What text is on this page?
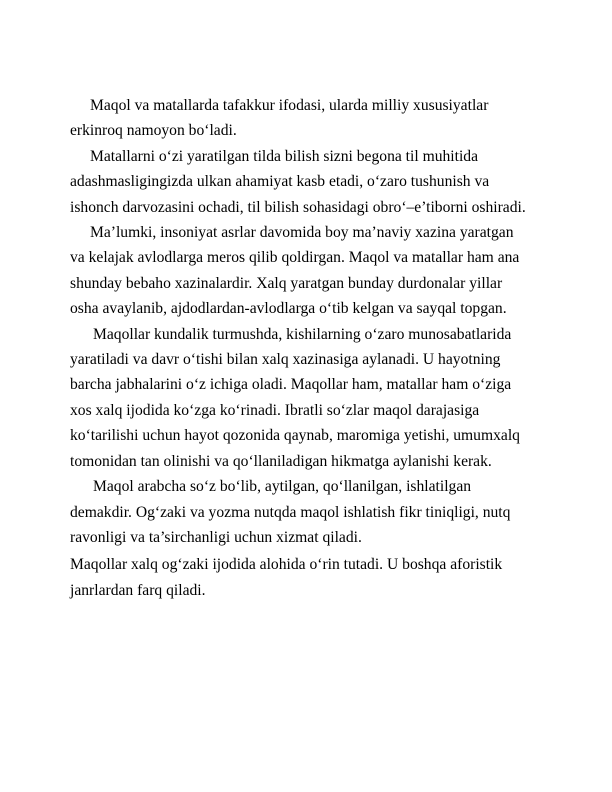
Maqol va matallarda tafakkur ifodasi, ularda milliy xususiyatlar
erkinroq namoyon bo‘ladi.

Matallarni o‘zi yaratilgan tilda bilish sizni begona til muhitida
adashmasligingizda ulkan ahamiyat kasb etadi, o‘zaro tushunish va
ishonch darvozasini ochadi, til bilish sohasidagi obro‘–e’tiborni oshiradi.

Ma’lumki, insoniyat asrlar davomida boy ma’naviy xazina yaratgan
va kelajak avlodlarga meros qilib qoldirgan. Maqol va matallar ham ana
shunday bebaho xazinalardir. Xalq yaratgan bunday durdonalar yillar
osha avaylanib, ajdodlardan-avlodlarga o‘tib kelgan va sayqal topgan.

Maqollar kundalik turmushda, kishilarning o‘zaro munosabatlarida
yaratiladi va davr o‘tishi bilan xalq xazinasiga aylanadi. U hayotning
barcha jabhalarini o‘z ichiga oladi. Maqollar ham, matallar ham o‘ziga
xos xalq ijodida ko‘zga ko‘rinadi. Ibratli so‘zlar maqol darajasiga
ko‘tarilishi uchun hayot qozonida qaynab, maromiga yetishi, umumxalq
tomonidan tan olinishi va qo‘llaniladigan hikmatga aylanishi kerak.

Maqol arabcha so‘z bo‘lib, aytilgan, qo‘llanilgan, ishlatilgan
demakdir. Og‘zaki va yozma nutqda maqol ishlatish fikr tiniqligi, nutq
ravonligi va ta’sirchanligi uchun xizmat qiladi.

Maqollar xalq og‘zaki ijodida alohida o‘rin tutadi. U boshqa aforistik
janrlardan farq qiladi.
